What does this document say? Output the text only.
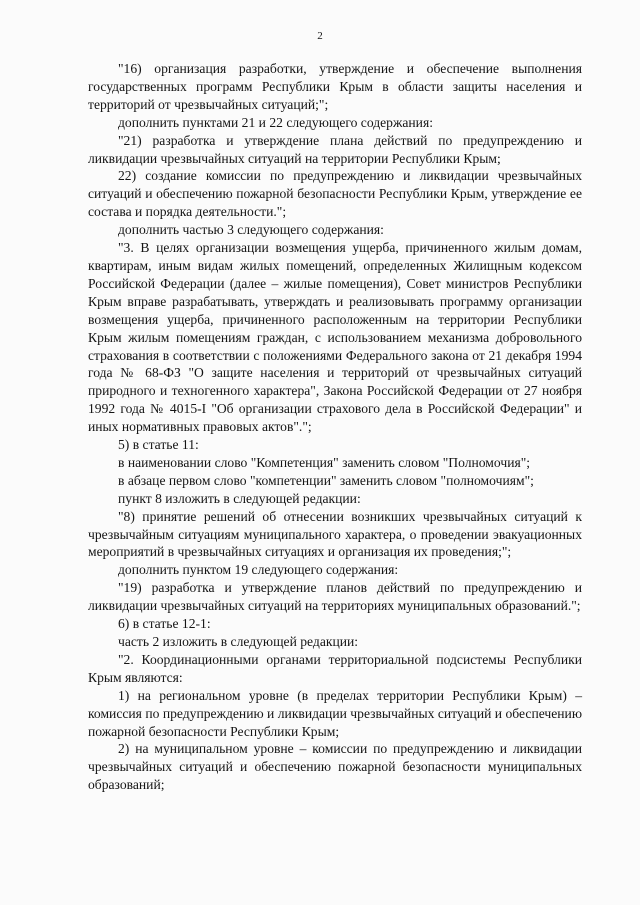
2

"16) организация разработки, утверждение и обеспечение выполнения государственных программ Республики Крым в области защиты населения и территорий от чрезвычайных ситуаций;";

дополнить пунктами 21 и 22 следующего содержания:

"21) разработка и утверждение плана действий по предупреждению и ликвидации чрезвычайных ситуаций на территории Республики Крым;

22) создание комиссии по предупреждению и ликвидации чрезвычайных ситуаций и обеспечению пожарной безопасности Республики Крым, утверждение ее состава и порядка деятельности.";

дополнить частью 3 следующего содержания:

"3. В целях организации возмещения ущерба, причиненного жилым домам, квартирам, иным видам жилых помещений, определенных Жилищным кодексом Российской Федерации (далее – жилые помещения), Совет министров Республики Крым вправе разрабатывать, утверждать и реализовывать программу организации возмещения ущерба, причиненного расположенным на территории Республики Крым жилым помещениям граждан, с использованием механизма добровольного страхования в соответствии с положениями Федерального закона от 21 декабря 1994 года № 68-ФЗ "О защите населения и территорий от чрезвычайных ситуаций природного и техногенного характера", Закона Российской Федерации от 27 ноября 1992 года № 4015-I "Об организации страхового дела в Российской Федерации" и иных нормативных правовых актов".";

5) в статье 11:

в наименовании слово "Компетенция" заменить словом "Полномочия";

в абзаце первом слово "компетенции" заменить словом "полномочиям";

пункт 8 изложить в следующей редакции:

"8) принятие решений об отнесении возникших чрезвычайных ситуаций к чрезвычайным ситуациям муниципального характера, о проведении эвакуационных мероприятий в чрезвычайных ситуациях и организация их проведения;";

дополнить пунктом 19 следующего содержания:

"19) разработка и утверждение планов действий по предупреждению и ликвидации чрезвычайных ситуаций на территориях муниципальных образований.";

6) в статье 12-1:

часть 2 изложить в следующей редакции:

"2. Координационными органами территориальной подсистемы Республики Крым являются:

1) на региональном уровне (в пределах территории Республики Крым) – комиссия по предупреждению и ликвидации чрезвычайных ситуаций и обеспечению пожарной безопасности Республики Крым;

2) на муниципальном уровне – комиссии по предупреждению и ликвидации чрезвычайных ситуаций и обеспечению пожарной безопасности муниципальных образований;
